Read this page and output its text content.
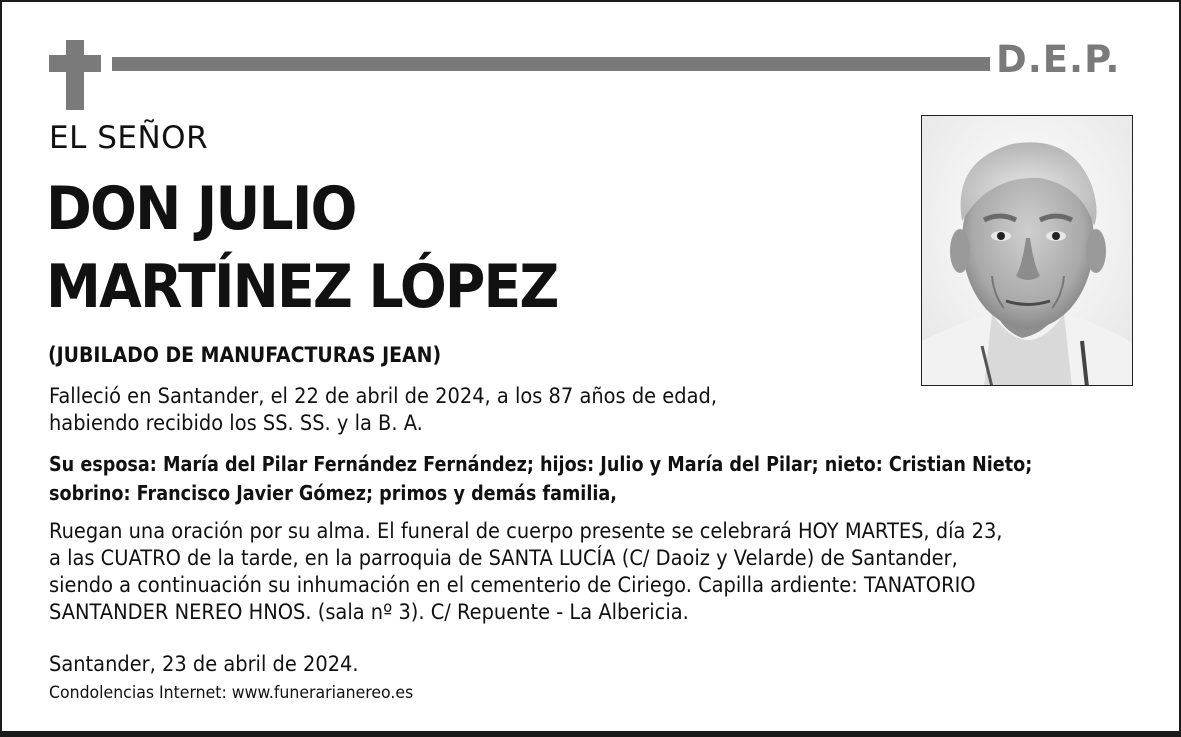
D.E.P.
EL SEÑOR
DON JULIO
MARTÍNEZ LÓPEZ
(JUBILADO DE MANUFACTURAS JEAN)
Falleció en Santander, el 22 de abril de 2024, a los 87 años de edad,
habiendo recibido los SS. SS. y la B. A.
Su esposa: María del Pilar Fernández Fernández; hijos: Julio y María del Pilar; nieto: Cristian Nieto;
sobrino: Francisco Javier Gómez; primos y demás familia,
Ruegan una oración por su alma. El funeral de cuerpo presente se celebrará HOY MARTES, día 23,
a las CUATRO de la tarde, en la parroquia de SANTA LUCÍA (C/ Daoiz y Velarde) de Santander,
siendo a continuación su inhumación en el cementerio de Ciriego. Capilla ardiente: TANATORIO
SANTANDER NEREO HNOS. (sala nº 3). C/ Repuente - La Albericia.
Santander, 23 de abril de 2024.
Condolencias Internet: www.funerarianereo.es
